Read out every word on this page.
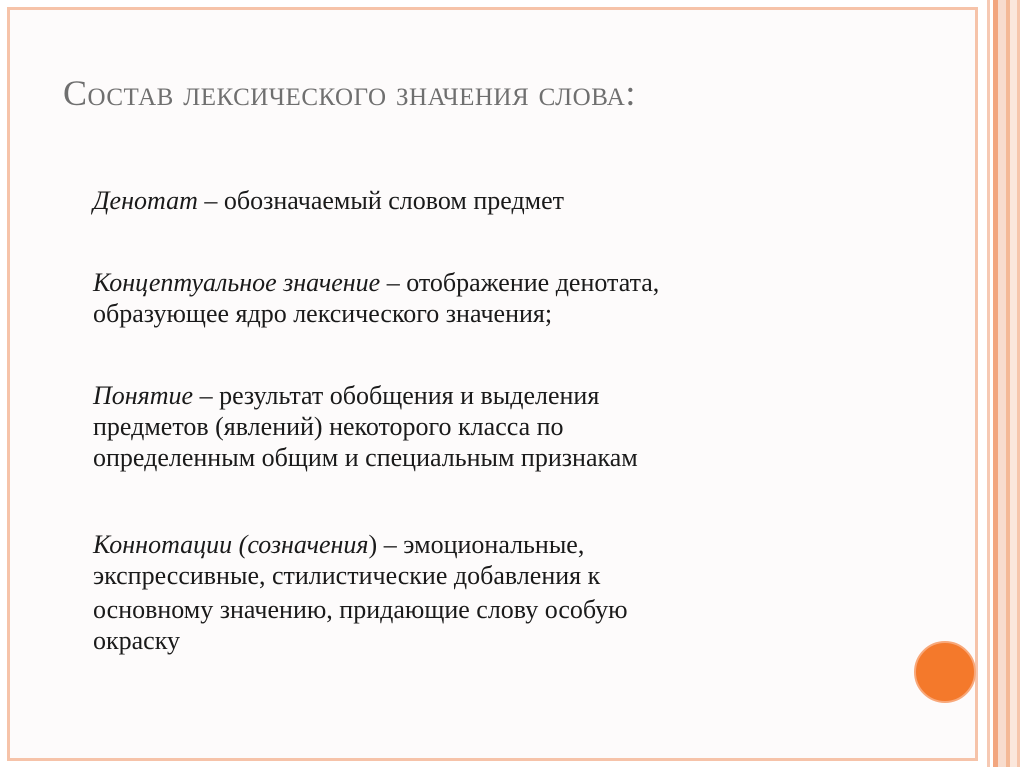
Состав лексического значения слова:

Денотат – обозначаемый словом предмет

Концептуальное значение – отображение денотата,
образующее ядро лексического значения;

Понятие – результат обобщения и выделения
предметов (явлений) некоторого класса по
определенным общим и специальным признакам

Коннотации (созначения) – эмоциональные,
экспрессивные, стилистические добавления к
основному значению, придающие слову особую
окраску
